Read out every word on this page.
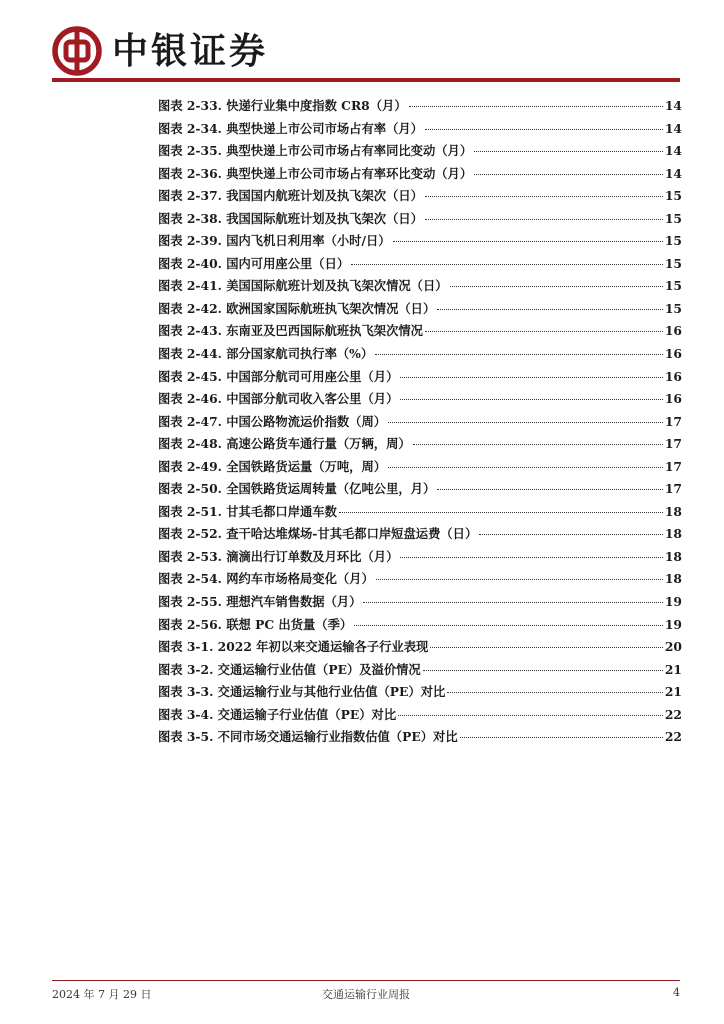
中银证券
图表 2-33. 快递行业集中度指数 CR8（月）	14
图表 2-34. 典型快递上市公司市场占有率（月）	14
图表 2-35. 典型快递上市公司市场占有率同比变动（月）	14
图表 2-36. 典型快递上市公司市场占有率环比变动（月）	14
图表 2-37. 我国国内航班计划及执飞架次（日）	15
图表 2-38. 我国国际航班计划及执飞架次（日）	15
图表 2-39. 国内飞机日利用率（小时/日）	15
图表 2-40. 国内可用座公里（日）	15
图表 2-41. 美国国际航班计划及执飞架次情况（日）	15
图表 2-42. 欧洲国家国际航班执飞架次情况（日）	15
图表 2-43. 东南亚及巴西国际航班执飞架次情况	16
图表 2-44. 部分国家航司执行率（%）	16
图表 2-45. 中国部分航司可用座公里（月）	16
图表 2-46. 中国部分航司收入客公里（月）	16
图表 2-47. 中国公路物流运价指数（周）	17
图表 2-48. 高速公路货车通行量（万辆，周）	17
图表 2-49. 全国铁路货运量（万吨，周）	17
图表 2-50. 全国铁路货运周转量（亿吨公里，月）	17
图表 2-51. 甘其毛都口岸通车数	18
图表 2-52. 查干哈达堆煤场-甘其毛都口岸短盘运费（日）	18
图表 2-53. 滴滴出行订单数及月环比（月）	18
图表 2-54. 网约车市场格局变化（月）	18
图表 2-55. 理想汽车销售数据（月）	19
图表 2-56. 联想 PC 出货量（季）	19
图表 3-1. 2022 年初以来交通运输各子行业表现	20
图表 3-2. 交通运输行业估值（PE）及溢价情况	21
图表 3-3. 交通运输行业与其他行业估值（PE）对比	21
图表 3-4. 交通运输子行业估值（PE）对比	22
图表 3-5. 不同市场交通运输行业指数估值（PE）对比	22
2024 年 7 月 29 日	交通运输行业周报	4
